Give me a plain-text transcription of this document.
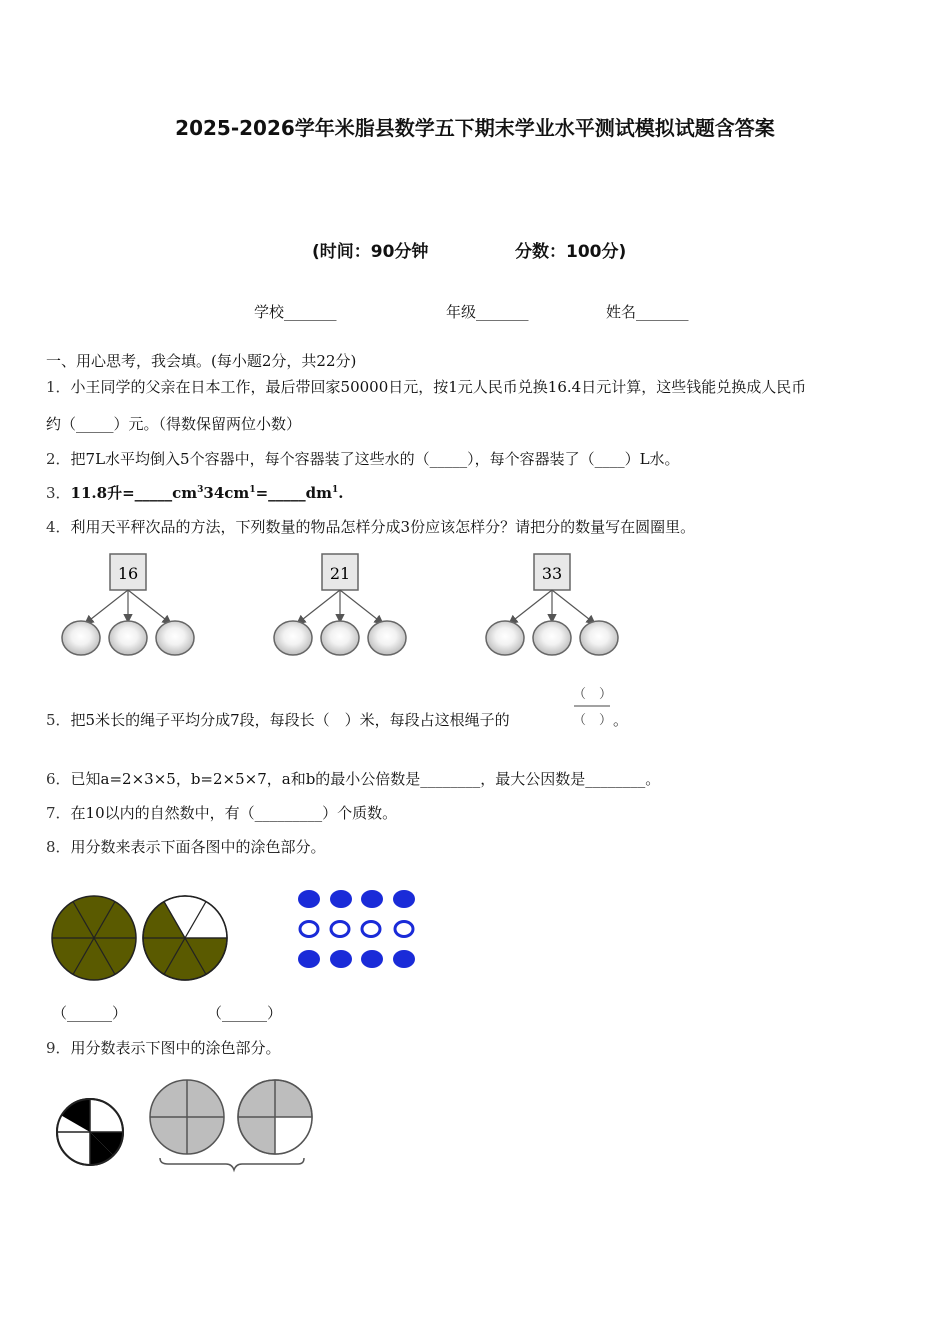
2025-2026学年米脂县数学五下期末学业水平测试模拟试题含答案
(时间：90分钟	分数：100分)
学校_______	年级_______	姓名_______
一、用心思考，我会填。(每小题2分，共22分)
1．小王同学的父亲在日本工作，最后带回家50000日元，按1元人民币兑换16.4日元计算，这些钱能兑换成人民币
约（_____）元。（得数保留两位小数）
2．把7L水平均倒入5个容器中，每个容器装了这些水的（_____），每个容器装了（____）L水。
3．11.8升$=\_\_\_\_\_cm^334cm^1=\_\_\_\_\_dm^1$.
4．利用天平秤次品的方法，下列数量的物品怎样分成3份应该怎样分？请把分的数量写在圆圈里。
16	21	33
（　）
5．把5米长的绳子平均分成7段，每段长（　）米，每段占这根绳子的	（　） 。
6．已知a=2×3×5，b=2×5×7，a和b的最小公倍数是________，最大公因数是________。
7．在10以内的自然数中，有（_________）个质数。
8．用分数来表示下面各图中的涂色部分。
（______）	（______）
9．用分数表示下图中的涂色部分。
